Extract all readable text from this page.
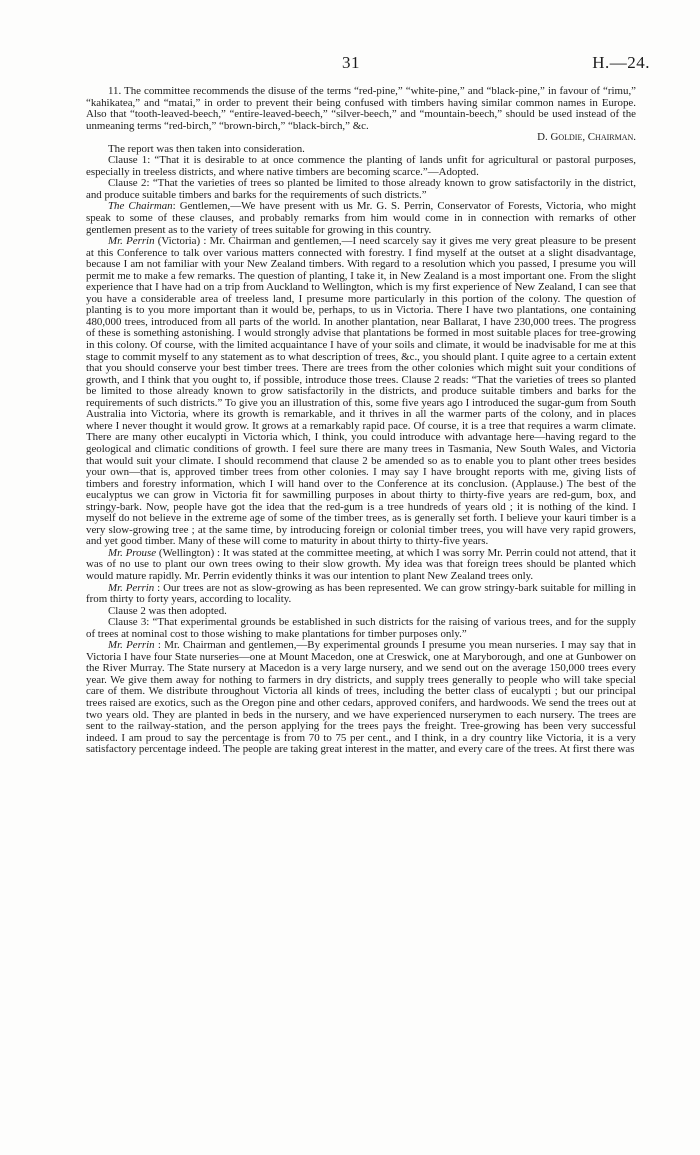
31	H.—24.

11. The committee recommends the disuse of the terms “red-pine,” “white-pine,” and “black-pine,” in favour of “rimu,” “kahikatea,” and “matai,” in order to prevent their being confused with timbers having similar common names in Europe. Also that “tooth-leaved-beech,” “entire-leaved-beech,” “silver-beech,” and “mountain-beech,” should be used instead of the unmeaning terms “red-birch,” “brown-birch,” “black-birch,” &c.

D. Goldie, Chairman.

The report was then taken into consideration.

Clause 1: “That it is desirable to at once commence the planting of lands unfit for agricultural or pastoral purposes, especially in treeless districts, and where native timbers are becoming scarce.”—Adopted.

Clause 2: “That the varieties of trees so planted be limited to those already known to grow satisfactorily in the district, and produce suitable timbers and barks for the requirements of such districts.”

The Chairman: Gentlemen,—We have present with us Mr. G. S. Perrin, Conservator of Forests, Victoria, who might speak to some of these clauses, and probably remarks from him would come in in connection with remarks of other gentlemen present as to the variety of trees suitable for growing in this country.

Mr. Perrin (Victoria) : Mr. Chairman and gentlemen,—I need scarcely say it gives me very great pleasure to be present at this Conference to talk over various matters connected with forestry. I find myself at the outset at a slight disadvantage, because I am not familiar with your New Zealand timbers. With regard to a resolution which you passed, I presume you will permit me to make a few remarks. The question of planting, I take it, in New Zealand is a most important one. From the slight experience that I have had on a trip from Auckland to Wellington, which is my first experience of New Zealand, I can see that you have a considerable area of treeless land, I presume more particularly in this portion of the colony. The question of planting is to you more important than it would be, perhaps, to us in Victoria. There I have two plantations, one containing 480,000 trees, introduced from all parts of the world. In another plantation, near Ballarat, I have 230,000 trees. The progress of these is something astonishing. I would strongly advise that plantations be formed in most suitable places for tree-growing in this colony. Of course, with the limited acquaintance I have of your soils and climate, it would be inadvisable for me at this stage to commit myself to any statement as to what description of trees, &c., you should plant. I quite agree to a certain extent that you should conserve your best timber trees. There are trees from the other colonies which might suit your conditions of growth, and I think that you ought to, if possible, introduce those trees. Clause 2 reads: “That the varieties of trees so planted be limited to those already known to grow satisfactorily in the districts, and produce suitable timbers and barks for the requirements of such districts.” To give you an illustration of this, some five years ago I introduced the sugar-gum from South Australia into Victoria, where its growth is remarkable, and it thrives in all the warmer parts of the colony, and in places where I never thought it would grow. It grows at a remarkably rapid pace. Of course, it is a tree that requires a warm climate. There are many other eucalypti in Victoria which, I think, you could introduce with advantage here—having regard to the geological and climatic conditions of growth. I feel sure there are many trees in Tasmania, New South Wales, and Victoria that would suit your climate. I should recommend that clause 2 be amended so as to enable you to plant other trees besides your own—that is, approved timber trees from other colonies. I may say I have brought reports with me, giving lists of timbers and forestry information, which I will hand over to the Conference at its conclusion. (Applause.) The best of the eucalyptus we can grow in Victoria fit for sawmilling purposes in about thirty to thirty-five years are red-gum, box, and stringy-bark. Now, people have got the idea that the red-gum is a tree hundreds of years old ; it is nothing of the kind. I myself do not believe in the extreme age of some of the timber trees, as is generally set forth. I believe your kauri timber is a very slow-growing tree ; at the same time, by introducing foreign or colonial timber trees, you will have very rapid growers, and yet good timber. Many of these will come to maturity in about thirty to thirty-five years.

Mr. Prouse (Wellington) : It was stated at the committee meeting, at which I was sorry Mr. Perrin could not attend, that it was of no use to plant our own trees owing to their slow growth. My idea was that foreign trees should be planted which would mature rapidly. Mr. Perrin evidently thinks it was our intention to plant New Zealand trees only.

Mr. Perrin : Our trees are not as slow-growing as has been represented. We can grow stringy-bark suitable for milling in from thirty to forty years, according to locality.

Clause 2 was then adopted.

Clause 3: “That experimental grounds be established in such districts for the raising of various trees, and for the supply of trees at nominal cost to those wishing to make plantations for timber purposes only.”

Mr. Perrin : Mr. Chairman and gentlemen,—By experimental grounds I presume you mean nurseries. I may say that in Victoria I have four State nurseries—one at Mount Macedon, one at Creswick, one at Maryborough, and one at Gunbower on the River Murray. The State nursery at Macedon is a very large nursery, and we send out on the average 150,000 trees every year. We give them away for nothing to farmers in dry districts, and supply trees generally to people who will take special care of them. We distribute throughout Victoria all kinds of trees, including the better class of eucalypti ; but our principal trees raised are exotics, such as the Oregon pine and other cedars, approved conifers, and hardwoods. We send the trees out at two years old. They are planted in beds in the nursery, and we have experienced nurserymen to each nursery. The trees are sent to the railway-station, and the person applying for the trees pays the freight. Tree-growing has been very successful indeed. I am proud to say the percentage is from 70 to 75 per cent., and I think, in a dry country like Victoria, it is a very satisfactory percentage indeed. The people are taking great interest in the matter, and every care of the trees. At first there was
